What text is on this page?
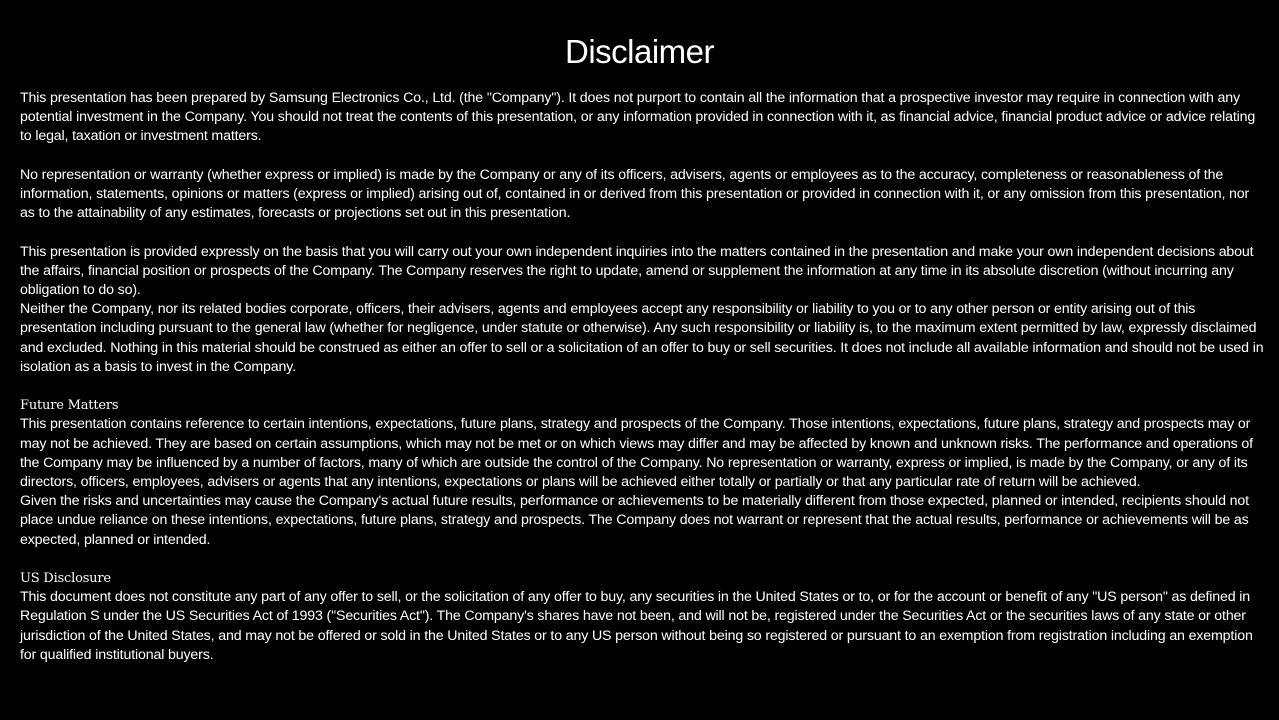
Disclaimer

This presentation has been prepared by Samsung Electronics Co., Ltd. (the "Company"). It does not purport to contain all the information that a prospective investor may require in connection with any potential investment in the Company. You should not treat the contents of this presentation, or any information provided in connection with it, as financial advice, financial product advice or advice relating to legal, taxation or investment matters.

No representation or warranty (whether express or implied) is made by the Company or any of its officers, advisers, agents or employees as to the accuracy, completeness or reasonableness of the information, statements, opinions or matters (express or implied) arising out of, contained in or derived from this presentation or provided in connection with it, or any omission from this presentation, nor as to the attainability of any estimates, forecasts or projections set out in this presentation.

This presentation is provided expressly on the basis that you will carry out your own independent inquiries into the matters contained in the presentation and make your own independent decisions about the affairs, financial position or prospects of the Company. The Company reserves the right to update, amend or supplement the information at any time in its absolute discretion (without incurring any obligation to do so).

Neither the Company, nor its related bodies corporate, officers, their advisers, agents and employees accept any responsibility or liability to you or to any other person or entity arising out of this presentation including pursuant to the general law (whether for negligence, under statute or otherwise). Any such responsibility or liability is, to the maximum extent permitted by law, expressly disclaimed and excluded. Nothing in this material should be construed as either an offer to sell or a solicitation of an offer to buy or sell securities. It does not include all available information and should not be used in isolation as a basis to invest in the Company.

Future Matters

This presentation contains reference to certain intentions, expectations, future plans, strategy and prospects of the Company. Those intentions, expectations, future plans, strategy and prospects may or may not be achieved. They are based on certain assumptions, which may not be met or on which views may differ and may be affected by known and unknown risks. The performance and operations of the Company may be influenced by a number of factors, many of which are outside the control of the Company. No representation or warranty, express or implied, is made by the Company, or any of its directors, officers, employees, advisers or agents that any intentions, expectations or plans will be achieved either totally or partially or that any particular rate of return will be achieved.

Given the risks and uncertainties may cause the Company's actual future results, performance or achievements to be materially different from those expected, planned or intended, recipients should not place undue reliance on these intentions, expectations, future plans, strategy and prospects. The Company does not warrant or represent that the actual results, performance or achievements will be as expected, planned or intended.

US Disclosure

This document does not constitute any part of any offer to sell, or the solicitation of any offer to buy, any securities in the United States or to, or for the account or benefit of any "US person" as defined in Regulation S under the US Securities Act of 1993 ("Securities Act"). The Company's shares have not been, and will not be, registered under the Securities Act or the securities laws of any state or other jurisdiction of the United States, and may not be offered or sold in the United States or to any US person without being so registered or pursuant to an exemption from registration including an exemption for qualified institutional buyers.
